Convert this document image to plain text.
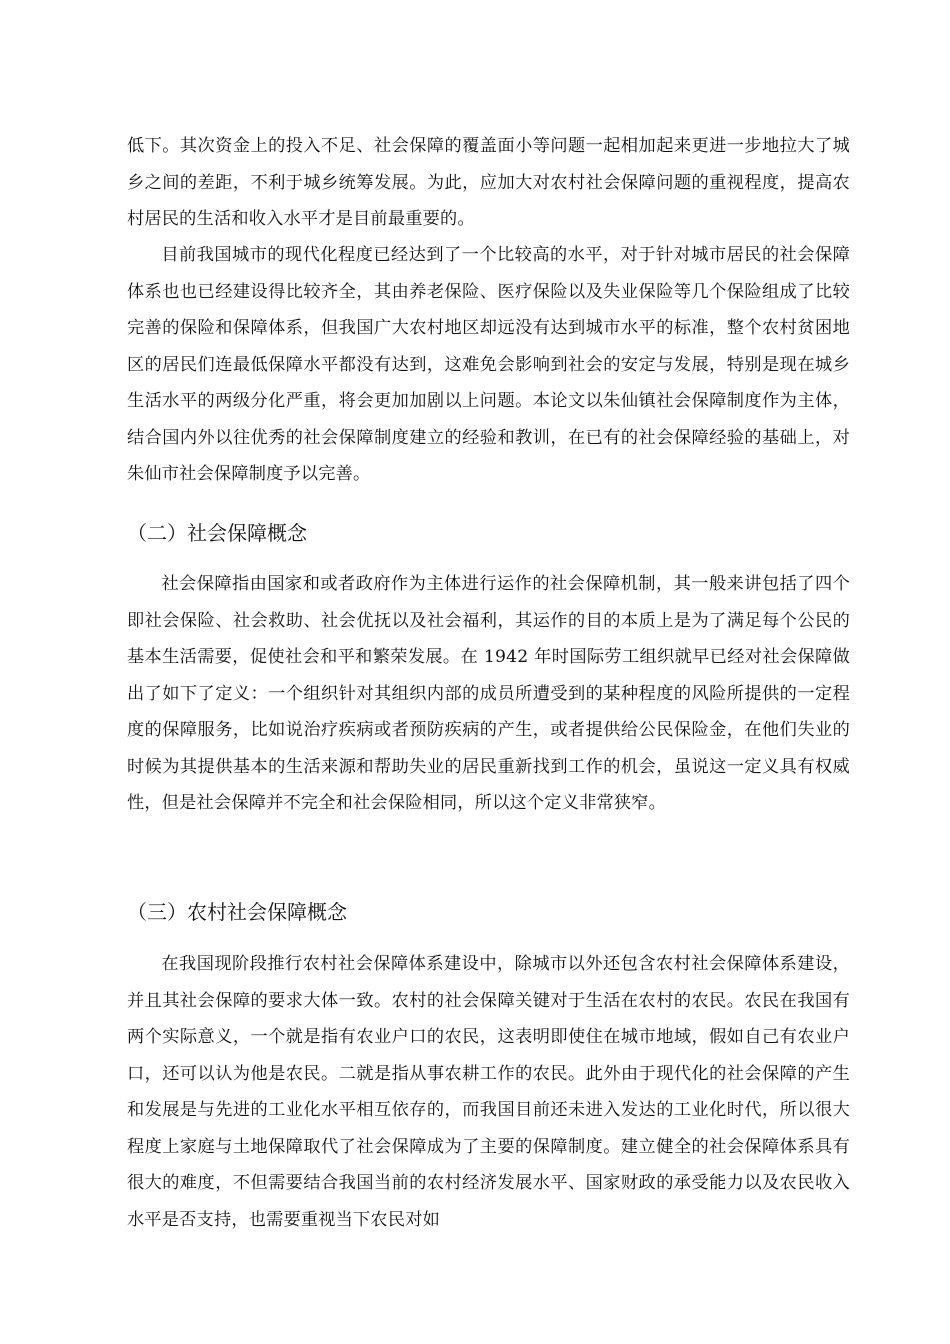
低下。其次资金上的投入不足、社会保障的覆盖面小等问题一起相加起来更进一步地拉大了城乡之间的差距，不利于城乡统筹发展。为此，应加大对农村社会保障问题的重视程度，提高农村居民的生活和收入水平才是目前最重要的。

目前我国城市的现代化程度已经达到了一个比较高的水平，对于针对城市居民的社会保障体系也也已经建设得比较齐全，其由养老保险、医疗保险以及失业保险等几个保险组成了比较完善的保险和保障体系，但我国广大农村地区却远没有达到城市水平的标准，整个农村贫困地区的居民们连最低保障水平都没有达到，这难免会影响到社会的安定与发展，特别是现在城乡生活水平的两级分化严重，将会更加加剧以上问题。本论文以朱仙镇社会保障制度作为主体，结合国内外以往优秀的社会保障制度建立的经验和教训，在已有的社会保障经验的基础上，对朱仙市社会保障制度予以完善。

（二）社会保障概念

社会保障指由国家和或者政府作为主体进行运作的社会保障机制，其一般来讲包括了四个即社会保险、社会救助、社会优抚以及社会福利，其运作的目的本质上是为了满足每个公民的基本生活需要，促使社会和平和繁荣发展。在 1942 年时国际劳工组织就早已经对社会保障做出了如下了定义：一个组织针对其组织内部的成员所遭受到的某种程度的风险所提供的一定程度的保障服务，比如说治疗疾病或者预防疾病的产生，或者提供给公民保险金，在他们失业的时候为其提供基本的生活来源和帮助失业的居民重新找到工作的机会，虽说这一定义具有权威性，但是社会保障并不完全和社会保险相同，所以这个定义非常狭窄。

（三）农村社会保障概念

在我国现阶段推行农村社会保障体系建设中，除城市以外还包含农村社会保障体系建设，并且其社会保障的要求大体一致。农村的社会保障关键对于生活在农村的农民。农民在我国有两个实际意义，一个就是指有农业户口的农民，这表明即使住在城市地域，假如自己有农业户口，还可以认为他是农民。二就是指从事农耕工作的农民。此外由于现代化的社会保障的产生和发展是与先进的工业化水平相互依存的，而我国目前还未进入发达的工业化时代，所以很大程度上家庭与土地保障取代了社会保障成为了主要的保障制度。建立健全的社会保障体系具有很大的难度，不但需要结合我国当前的农村经济发展水平、国家财政的承受能力以及农民收入水平是否支持，也需要重视当下农民对如
